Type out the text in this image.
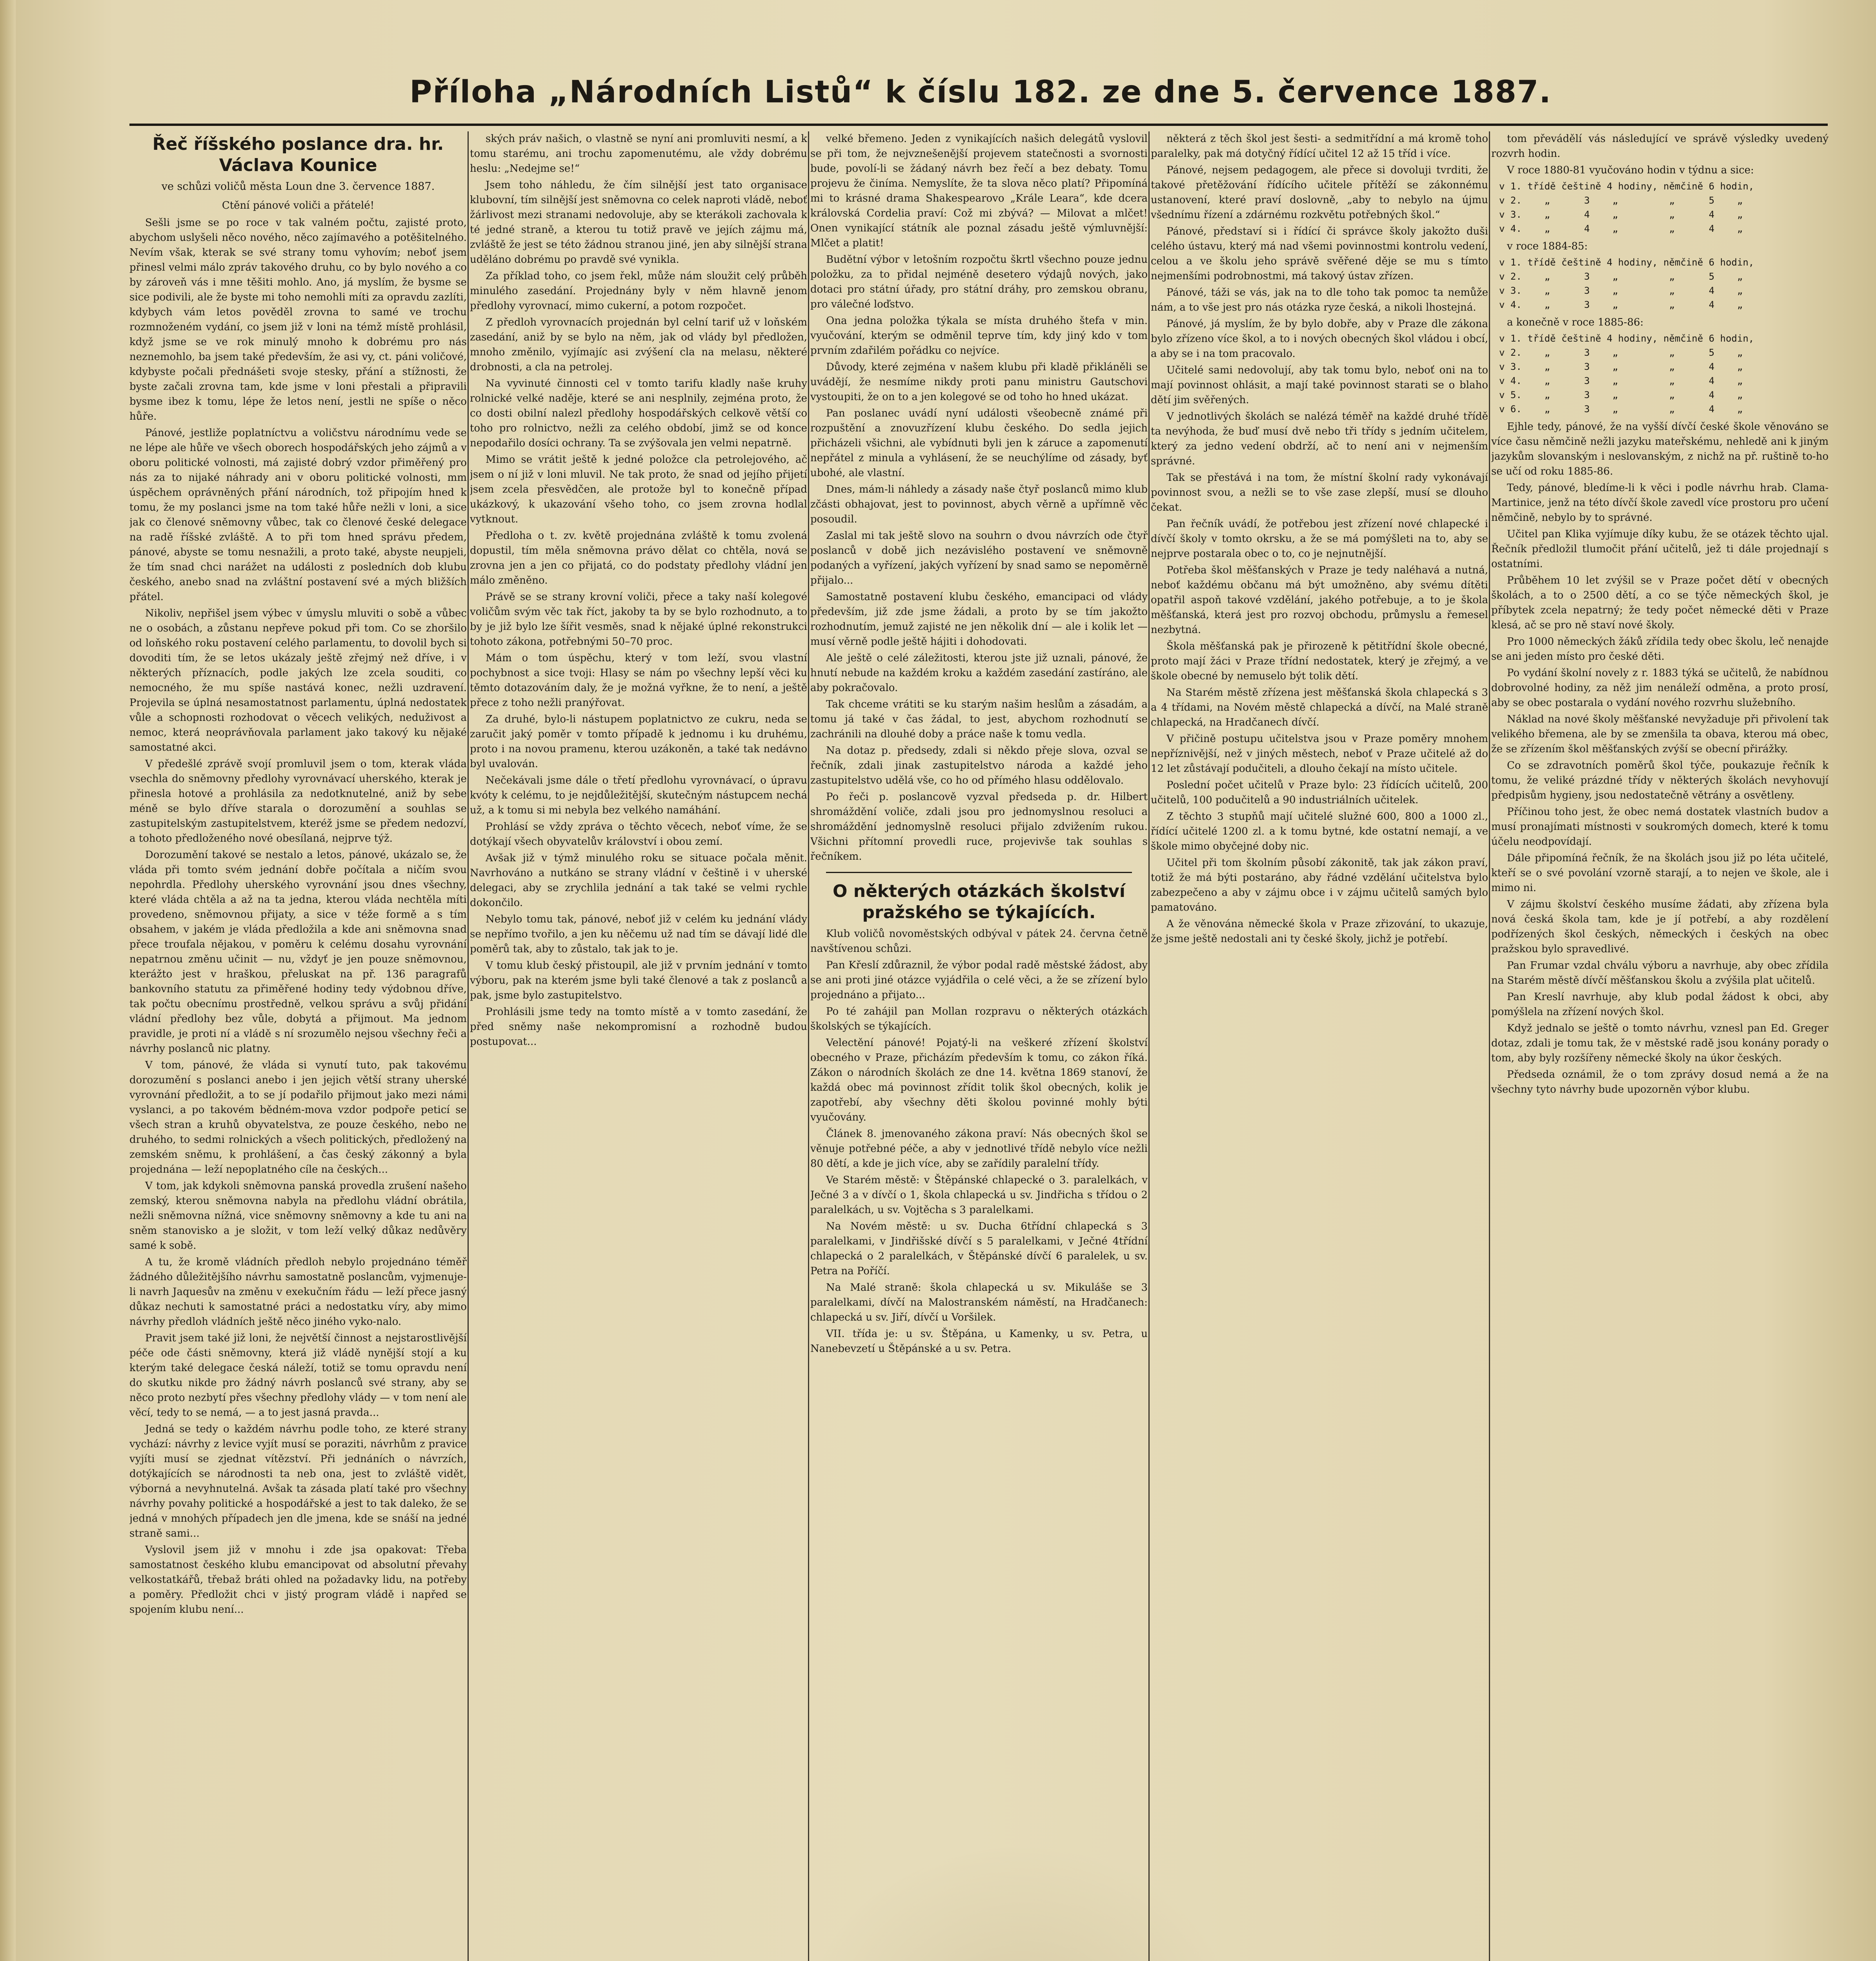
Příloha „Národních Listů“ k číslu 182. ze dne 5. července 1887.
Řeč říšského poslance dra. hr. Václava Kounice
ve schůzi voličů města Loun dne 3. července 1887.
Ctění pánové voliči a přátelé!

Sešli jsme se po roce v tak valném počtu, zajisté proto, abychom uslyšeli něco nového, něco zajímavého a potěšitelného. Nevím však, kterak se své strany tomu vyhovím; neboť jsem přinesl velmi málo zpráv takového druhu, co by bylo nového a co by zároveň vás i mne těšiti mohlo. Ano, já myslím, že bysme se sice podivili, ale že byste mi toho nemohli míti za opravdu zazlíti, kdybych vám letos pověděl zrovna to samé ve trochu rozmnoženém vydání, co jsem již v loni na témž místě prohlásil, když jsme se ve rok minulý mnoho k dobrému pro nás neznemohlo, ba jsem také především, že asi vy, ct. páni voličové, kdybyste počali přednášeti svoje stesky, přání a stížnosti, že byste začali zrovna tam, kde jsme v loni přestali a připravili bysme ibez k tomu, lépe že letos není, jestli ne spíše o něco hůře.

Pánové, jestliže poplatníctvu a voličstvu národnímu vede se ne lépe ale hůře ve všech oborech hospodářských jeho zájmů a v oboru politické volnosti, má zajisté dobrý vzdor přiměřený pro nás za to nijaké náhrady ani v oboru politické volnosti, mm úspěchem oprávněných přání národních, tož připojím hned k tomu, že my poslanci jsme na tom také hůře nežli v loni, a sice jak co členové sněmovny vůbec, tak co členové české delegace na radě říšské zvláště. A to při tom hned správu předem, pánové, abyste se tomu nesnažili, a proto také, abyste neupjeli, že tím snad chci narážet na události z posledních dob klubu českého, anebo snad na zvláštní postavení své a mých bližších přátel.

Nikoliv, nepřišel jsem výbec v úmyslu mluviti o sobě a vůbec ne o osobách, a zůstanu nepřeve pokud při tom. Co se zhoršilo od loňského roku postavení celého parlamentu, to dovolil bych si dovoditi tím, že se letos ukázaly ještě zřejmý než dříve, i v některých příznacích, podle jakých lze zcela souditi, co nemocného, že mu spíše nastává konec, nežli uzdravení. Projevila se úplná nesamostatnost parlamentu, úplná nedostatek vůle a schopnosti rozhodovat o věcech velikých, neduživost a nemoc, která neoprávňovala parlament jako takový ku nějaké samostatné akci.

V předešlé zprávě svojí promluvil jsem o tom, kterak vláda vsechla do sněmovny předlohy vyrovnávací uherského, kterak je přinesla hotové a prohlásila za nedotknutelné, aniž by sebe méně se bylo dříve starala o dorozumění a souhlas se zastupitelským zastupitelstvem, kteréž jsme se předem nedozví, a tohoto předloženého nové obesílaná, nejprve týž.

Dorozumění takové se nestalo a letos, pánové, ukázalo se, že vláda při tomto svém jednání dobře počítala a ničím svou nepohrdla. Předlohy uherského vyrovnání jsou dnes všechny, které vláda chtěla a až na ta jedna, kterou vláda nechtěla míti provedeno, sněmovnou přijaty, a sice v téže formě a s tím obsahem, v jakém je vláda předložila a kde ani sněmovna snad přece troufala nějakou, v poměru k celému dosahu vyrovnání nepatrnou změnu učinit — nu, vždyť je jen pouze sněmovnou, kterážto jest v hraškou, přeluskat na př. 136 paragrafů bankovního statutu za přiměřené hodiny tedy výdobnou dříve, tak počtu obecnímu prostředně, velkou správu a svůj přidání vládní předlohy bez vůle, dobytá a přijmout. Ma jednom pravidle, je proti ní a vládě s ní srozumělo nejsou všechny řeči a návrhy poslanců nic platny.

V tom, pánové, že vláda si vynutí tuto, pak takovému dorozumění s poslanci anebo i jen jejich větší strany uherské vyrovnání předložit, a to se jí podařilo přijmout jako mezi námi vyslanci, a po takovém bědném-mova vzdor podpoře peticí se všech stran a kruhů obyvatelstva, ze pouze českého, nebo ne druhého, to sedmi rolnických a všech politických, předložený na zemském sněmu, k prohlášení, a čas český zákonný a byla projednána — leží nepoplatného cíle na českých...

V tom, jak kdykoli sněmovna panská provedla zrušení našeho zemský, kterou sněmovna nabyla na předlohu vládní obrátila, nežli sněmovna nížná, vice sněmovny sněmovny a kde tu ani na sněm stanovisko a je složit, v tom leží velký důkaz nedůvěry samé k sobě.

A tu, že kromě vládních předloh nebylo projednáno téměř žádného důležitějšího návrhu samostatně poslancům, vyjmenuje-li navrh Jaquesův na změnu v exekučním řádu — leží přece jasný důkaz nechuti k samostatné práci a nedostatku víry, aby mimo návrhy předloh vládních ještě něco jiného vyko-nalo.

Pravit jsem také již loni, že největší činnost a nejstarostlivější péče ode části sněmovny, která již vládě nynější stojí a ku kterým také delegace česká náleží, totiž se tomu opravdu není do skutku nikde pro žádný návrh poslanců své strany, aby se něco proto nezbytí přes všechny předlohy vlády — v tom není ale věcí, tedy to se nemá, — a to jest jasná pravda...

Jedná se tedy o každém návrhu podle toho, ze které strany vychází: návrhy z levice vyjít musí se poraziti, návrhům z pravice vyjíti musí se zjednat vítězství. Při jednáních o návrzích, dotýkajících se národnosti ta neb ona, jest to zvláště vidět, výborná a nevyhnutelná. Avšak ta zásada platí také pro všechny návrhy povahy politické a hospodářské a jest to tak daleko, že se jedná v mnohých případech jen dle jmena, kde se snáší na jedné straně sami...

Vyslovil jsem již v mnohu i zde jsa opakovat: Třeba samostatnost českého klubu emancipovat od absolutní převahy velkostatkářů, třebaž bráti ohled na požadavky lidu, na potřeby a poměry. Předložit chci v jistý program vládě i napřed se spojením klubu není...

ských práv našich, o vlastně se nyní ani promluviti nesmí, a k tomu starému, ani trochu zapomenutému, ale vždy dobrému heslu: „Nedejme se!“

Jsem toho náhledu, že čím silnější jest tato organisace klubovní, tím silnější jest sněmovna co celek naproti vládě, neboť žárlivost mezi stranami nedovoluje, aby se kterákoli zachovala k té jedné straně, a kterou tu totiž pravě ve jejích zájmu má, zvláště že jest se této žádnou stranou jiné, jen aby silnější strana uděláno dobrému po pravdě své vynikla.

Za příklad toho, co jsem řekl, může nám sloužit celý průběh minulého zasedání. Projednány byly v něm hlavně jenom předlohy vyrovnací, mimo cukerní, a potom rozpočet.

Z předloh vyrovnacích projednán byl celní tarif už v loňském zasedání, aniž by se bylo na něm, jak od vlády byl předložen, mnoho změnilo, vyjímajíc asi zvýšení cla na melasu, některé drobnosti, a cla na petrolej.

Na vyvinuté činnosti cel v tomto tarifu kladly naše kruhy rolnické velké naděje, které se ani nesplnily, zejména proto, že co dosti obilní nalezl předlohy hospodářských celkově větší co toho pro rolnictvo, nežli za celého období, jimž se od konce nepodařilo dosíci ochrany. Ta se zvýšovala jen velmi nepatrně.

Mimo se vrátit ještě k jedné položce cla petrolejového, ač jsem o ní již v loni mluvil. Ne tak proto, že snad od jejího přijetí jsem zcela přesvědčen, ale protože byl to konečně případ ukázkový, k ukazování všeho toho, co jsem zrovna hodlal vytknout.

Předloha o t. zv. květě projednána zvláště k tomu zvolená dopustil, tím měla sněmovna právo dělat co chtěla, nová se zrovna jen a jen co přijatá, co do podstaty předlohy vládní jen málo změněno.

Právě se se strany krovní voliči, přece a taky naší kolegové voličům svým věc tak říct, jakoby ta by se bylo rozhodnuto, a to by je již bylo lze šířit vesměs, snad k nějaké úplné rekonstrukci tohoto zákona, potřebnými 50–70 proc.

Mám o tom úspěchu, který v tom leží, svou vlastní pochybnost a sice tvoji: Hlasy se nám po všechny lepší věci ku těmto dotazováním daly, že je možná vyřkne, že to není, a ještě přece z toho nežli pranýřovat.

Za druhé, bylo-li nástupem poplatnictvo ze cukru, neda se zaručit jaký poměr v tomto případě k jednomu i ku druhému, proto i na novou pramenu, kterou uzákoněn, a také tak nedávno byl uvalován.

Nečekávali jsme dále o třetí předlohu vyrovnávací, o úpravu kvóty k celému, to je nejdůležitější, skutečným nástupcem nechá už, a k tomu si mi nebyla bez velkého namáhání.

Prohlásí se vždy zpráva o těchto věcech, neboť víme, že se dotýkají všech obyvatelův království i obou zemí.

Avšak již v týmž minulého roku se situace počala měnit. Navrhováno a nutkáno se strany vládní v češtině i v uherské delegaci, aby se zrychlila jednání a tak také se velmi rychle dokončilo.

Nebylo tomu tak, pánové, neboť již v celém ku jednání vlády se nepřímo tvořilo, a jen ku něčemu už nad tím se dávají lidé dle poměrů tak, aby to zůstalo, tak jak to je.

V tomu klub český přistoupil, ale již v prvním jednání v tomto výboru, pak na kterém jsme byli také členové a tak z poslanců a pak, jsme bylo zastupitelstvo.

Prohlásili jsme tedy na tomto místě a v tomto zasedání, že před sněmy naše nekompromisní a rozhodně budou postupovat...

velké břemeno. Jeden z vynikajících našich delegátů vyslovil se při tom, že nejvznešenější projevem statečnosti a svornosti bude, povolí-li se žádaný návrh bez řečí a bez debaty. Tomu projevu že činíma. Nemyslíte, že ta slova něco platí? Připomíná mi to krásné drama Shakespearovo „Krále Leara“, kde dcera královská Cordelia praví: Což mi zbývá? — Milovat a mlčet! Onen vynikající státník ale poznal zásadu ještě výmluvnější: Mlčet a platit!

Budětní výbor v letošním rozpočtu škrtl všechno pouze jednu položku, za to přidal nejméně desetero výdajů nových, jako dotaci pro státní úřady, pro státní dráhy, pro zemskou obranu, pro válečné loďstvo.

Ona jedna položka týkala se místa druhého štefa v min. vyučování, kterým se odměnil teprve tím, kdy jiný kdo v tom prvním zdařilém pořádku co nejvíce.

Důvody, které zejména v našem klubu při kladě přikláněli se uvádějí, že nesmíme nikdy proti panu ministru Gautschovi vystoupiti, že on to a jen kolegové se od toho ho hned ukázat.

Pan poslanec uvádí nyní události všeobecně známé při rozpuštění a znovuzřízení klubu českého. Do sedla jejich přicházeli všichni, ale vybídnuti byli jen k záruce a zapomenutí nepřátel z minula a vyhlásení, že se neuchýlíme od zásady, byť ubohé, ale vlastní.

Dnes, mám-li náhledy a zásady naše čtyř poslanců mimo klub zčásti obhajovat, jest to povinnost, abych věrně a upřímně věc posoudil.

Zaslal mi tak ještě slovo na souhrn o dvou návrzích ode čtyř poslanců v době jich nezávislého postavení ve sněmovně podaných a vyřízení, jakých vyřízení by snad samo se nepoměrně přijalo...

Samostatně postavení klubu českého, emancipaci od vlády především, již zde jsme žádali, a proto by se tím jakožto rozhodnutím, jemuž zajisté ne jen několik dní — ale i kolik let — musí věrně podle ještě hájiti i dohodovati.

Ale ještě o celé záležitosti, kterou jste již uznali, pánové, že hnutí nebude na každém kroku a každém zasedání zastíráno, ale aby pokračovalo.

Tak chceme vrátiti se ku starým našim heslům a zásadám, a tomu já také v čas žádal, to jest, abychom rozhodnutí se zachránili na dlouhé doby a práce naše k tomu vedla.

Na dotaz p. předsedy, zdali si někdo přeje slova, ozval se řečník, zdali jinak zastupitelstvo národa a každé jeho zastupitelstvo udělá vše, co ho od přímého hlasu oddělovalo.

Po řeči p. poslancově vyzval předseda p. dr. Hilbert shromáždění voliče, zdali jsou pro jednomyslnou resoluci a shromáždění jednomyslně resoluci přijalo zdvižením rukou. Všichni přítomní provedli ruce, projevivše tak souhlas s řečníkem.

O některých otázkách školství pražského se týkajících.

Klub voličů novoměstských odbýval v pátek 24. června četně navštívenou schůzi.

Pan Křeslí zdůraznil, že výbor podal radě městské žádost, aby se ani proti jiné otázce vyjádřila o celé věci, a že se zřízení bylo projednáno a přijato...

Po té zahájil pan Mollan rozpravu o některých otázkách školských se týkajících.

Velectění pánové! Pojatý-li na veškeré zřízení školství obecného v Praze, přicházím především k tomu, co zákon říká. Zákon o národních školách ze dne 14. května 1869 stanoví, že každá obec má povinnost zřídit tolik škol obecných, kolik je zapotřebí, aby všechny děti školou povinné mohly býti vyučovány.

Článek 8. jmenovaného zákona praví: Nás obecných škol se věnuje potřebné péče, a aby v jednotlivé třídě nebylo více nežli 80 dětí, a kde je jich více, aby se zařídily paralelní třídy.

Ve Starém městě: v Štěpánské chlapecké o 3. paralelkách, v Ječné 3 a v dívčí o 1, škola chlapecká u sv. Jindřicha s třídou o 2 paralelkách, u sv. Vojtěcha s 3 paralelkami.

Na Novém městě: u sv. Ducha 6třídní chlapecká s 3 paralelkami, v Jindřišské dívčí s 5 paralelkami, v Ječné 4třídní chlapecká o 2 paralelkách, v Štěpánské dívčí 6 paralelek, u sv. Petra na Poříčí.

Na Malé straně: škola chlapecká u sv. Mikuláše se 3 paralelkami, dívčí na Malostranském náměstí, na Hradčanech: chlapecká u sv. Jiří, dívčí u Voršilek.

VII. třída je: u sv. Štěpána, u Kamenky, u sv. Petra, u Nanebevzetí u Štěpánské a u sv. Petra.

některá z těch škol jest šesti- a sedmitřídní a má kromě toho paralelky, pak má dotyčný řídící učitel 12 až 15 tříd i více.

Pánové, nejsem pedagogem, ale přece si dovoluji tvrditi, že takové přetěžování řídícího učitele přítěží se zákonnému ustanovení, které praví doslovně, „aby to nebylo na újmu všednímu řízení a zdárnému rozkvětu potřebných škol.“

Pánové, představí si i řídící či správce školy jakožto duši celého ústavu, který má nad všemi povinnostmi kontrolu vedení, celou a ve školu jeho správě svěřené děje se mu s tímto nejmenšími podrobnostmi, má takový ústav zřízen.

Pánové, táži se vás, jak na to dle toho tak pomoc ta nemůže nám, a to vše jest pro nás otázka ryze česká, a nikoli lhostejná.

Pánové, já myslím, že by bylo dobře, aby v Praze dle zákona bylo zřízeno více škol, a to i nových obecných škol vládou i obcí, a aby se i na tom pracovalo.

Učitelé sami nedovolují, aby tak tomu bylo, neboť oni na to mají povinnost ohlásit, a mají také povinnost starati se o blaho dětí jim svěřených.

V jednotlivých školách se nalézá téměř na každé druhé třídě ta nevýhoda, že buď musí dvě nebo tři třídy s jedním učitelem, který za jedno vedení obdrží, ač to není ani v nejmenším správné.

Tak se přestává i na tom, že místní školní rady vykonávají povinnost svou, a nežli se to vše zase zlepší, musí se dlouho čekat.

Pan řečník uvádí, že potřebou jest zřízení nové chlapecké i dívčí školy v tomto okrsku, a že se má pomýšleti na to, aby se nejprve postarala obec o to, co je nejnutnější.

Potřeba škol měšťanských v Praze je tedy naléhavá a nutná, neboť každému občanu má být umožněno, aby svému dítěti opatřil aspoň takové vzdělání, jakého potřebuje, a to je škola měšťanská, která jest pro rozvoj obchodu, průmyslu a řemesel nezbytná.

Škola měšťanská pak je přirozeně k pětitřídní škole obecné, proto mají žáci v Praze třídní nedostatek, který je zřejmý, a ve škole obecné by nemuselo být tolik dětí.

Na Starém městě zřízena jest měšťanská škola chlapecká s 3 a 4 třídami, na Novém městě chlapecká a dívčí, na Malé straně chlapecká, na Hradčanech dívčí.

V přičině postupu učitelstva jsou v Praze poměry mnohem nepříznivější, než v jiných městech, neboť v Praze učitelé až do 12 let zůstávají podučiteli, a dlouho čekají na místo učitele.

Poslední počet učitelů v Praze bylo: 23 řídících učitelů, 200 učitelů, 100 podučitelů a 90 industriálních učitelek.

Z těchto 3 stupňů mají učitelé služné 600, 800 a 1000 zl., řídící učitelé 1200 zl. a k tomu bytné, kde ostatní nemají, a ve škole mimo obyčejné doby nic.

Učitel při tom školním působí zákonitě, tak jak zákon praví, totiž že má býti postaráno, aby řádné vzdělání učitelstva bylo zabezpečeno a aby v zájmu obce i v zájmu učitelů samých bylo pamatováno.

A že věnována německé škola v Praze zřizování, to ukazuje, že jsme ještě nedostali ani ty české školy, jichž je potřebí.

tom převádělí vás následující ve správě výsledky uvedený rozvrh hodin.

V roce 1880-81 vyučováno hodin v týdnu a sice:

v 1. třídě češtině 4 hodiny, němčině 6 hodin,
v 2.    „      3    „         „      5    „
v 3.    „      4    „         „      4    „
v 4.    „      4    „         „      4    „

v roce 1884-85:

v 1. třídě češtině 4 hodiny, němčině 6 hodin,
v 2.    „      3    „         „      5    „
v 3.    „      3    „         „      4    „
v 4.    „      3    „         „      4    „

a konečně v roce 1885-86:

v 1. třídě češtině 4 hodiny, němčině 6 hodin,
v 2.    „      3    „         „      5    „
v 3.    „      3    „         „      4    „
v 4.    „      3    „         „      4    „
v 5.    „      3    „         „      4    „
v 6.    „      3    „         „      4    „

Ejhle tedy, pánové, že na vyšší dívčí české škole věnováno se více času němčině nežli jazyku mateřskému, nehledě ani k jiným jazykům slovanským i neslovanským, z nichž na př. ruštině to-ho se učí od roku 1885-86.

Tedy, pánové, bledíme-li k věci i podle návrhu hrab. Clama-Martinice, jenž na této dívčí škole zavedl více prostoru pro učení němčině, nebylo by to správné.

Učitel pan Klika vyjímuje díky kubu, že se otázek těchto ujal. Řečník předložil tlumočit přání učitelů, jež ti dále projednají s ostatními.

Průběhem 10 let zvýšil se v Praze počet dětí v obecných školách, a to o 2500 dětí, a co se týče německých škol, je příbytek zcela nepatrný; že tedy počet německé děti v Praze klesá, ač se pro ně staví nové školy.

Pro 1000 německých žáků zřídila tedy obec školu, leč nenajde se ani jeden místo pro české děti.

Po vydání školní novely z r. 1883 týká se učitelů, že nabídnou dobrovolné hodiny, za něž jim nenáleží odměna, a proto prosí, aby se obec postarala o vydání nového rozvrhu služebního.

Náklad na nové školy měšťanské nevyžaduje při přivolení tak velikého břemena, ale by se zmenšila ta obava, kterou má obec, že se zřízením škol měšťanských zvýší se obecní přirážky.

Co se zdravotních poměrů škol týče, poukazuje řečník k tomu, že veliké prázdné třídy v některých školách nevyhovují předpisům hygieny, jsou nedostatečně větrány a osvětleny.

Příčinou toho jest, že obec nemá dostatek vlastních budov a musí pronajímati místnosti v soukromých domech, které k tomu účelu neodpovídají.

Dále připomíná řečník, že na školách jsou již po léta učitelé, kteří se o své povolání vzorně starají, a to nejen ve škole, ale i mimo ni.

V zájmu školství českého musíme žádati, aby zřízena byla nová česká škola tam, kde je jí potřebí, a aby rozdělení podřízených škol českých, německých i českých na obec pražskou bylo spravedlivé.

Pan Frumar vzdal chválu výboru a navrhuje, aby obec zřídila na Starém městě dívčí měšťanskou školu a zvýšila plat učitelů.

Pan Kreslí navrhuje, aby klub podal žádost k obci, aby pomýšlela na zřízení nových škol.

Když jednalo se ještě o tomto návrhu, vznesl pan Ed. Greger dotaz, zdali je tomu tak, že v městské radě jsou konány porady o tom, aby byly rozšířeny německé školy na úkor českých.

Předseda oznámil, že o tom zprávy dosud nemá a že na všechny tyto návrhy bude upozorněn výbor klubu.
